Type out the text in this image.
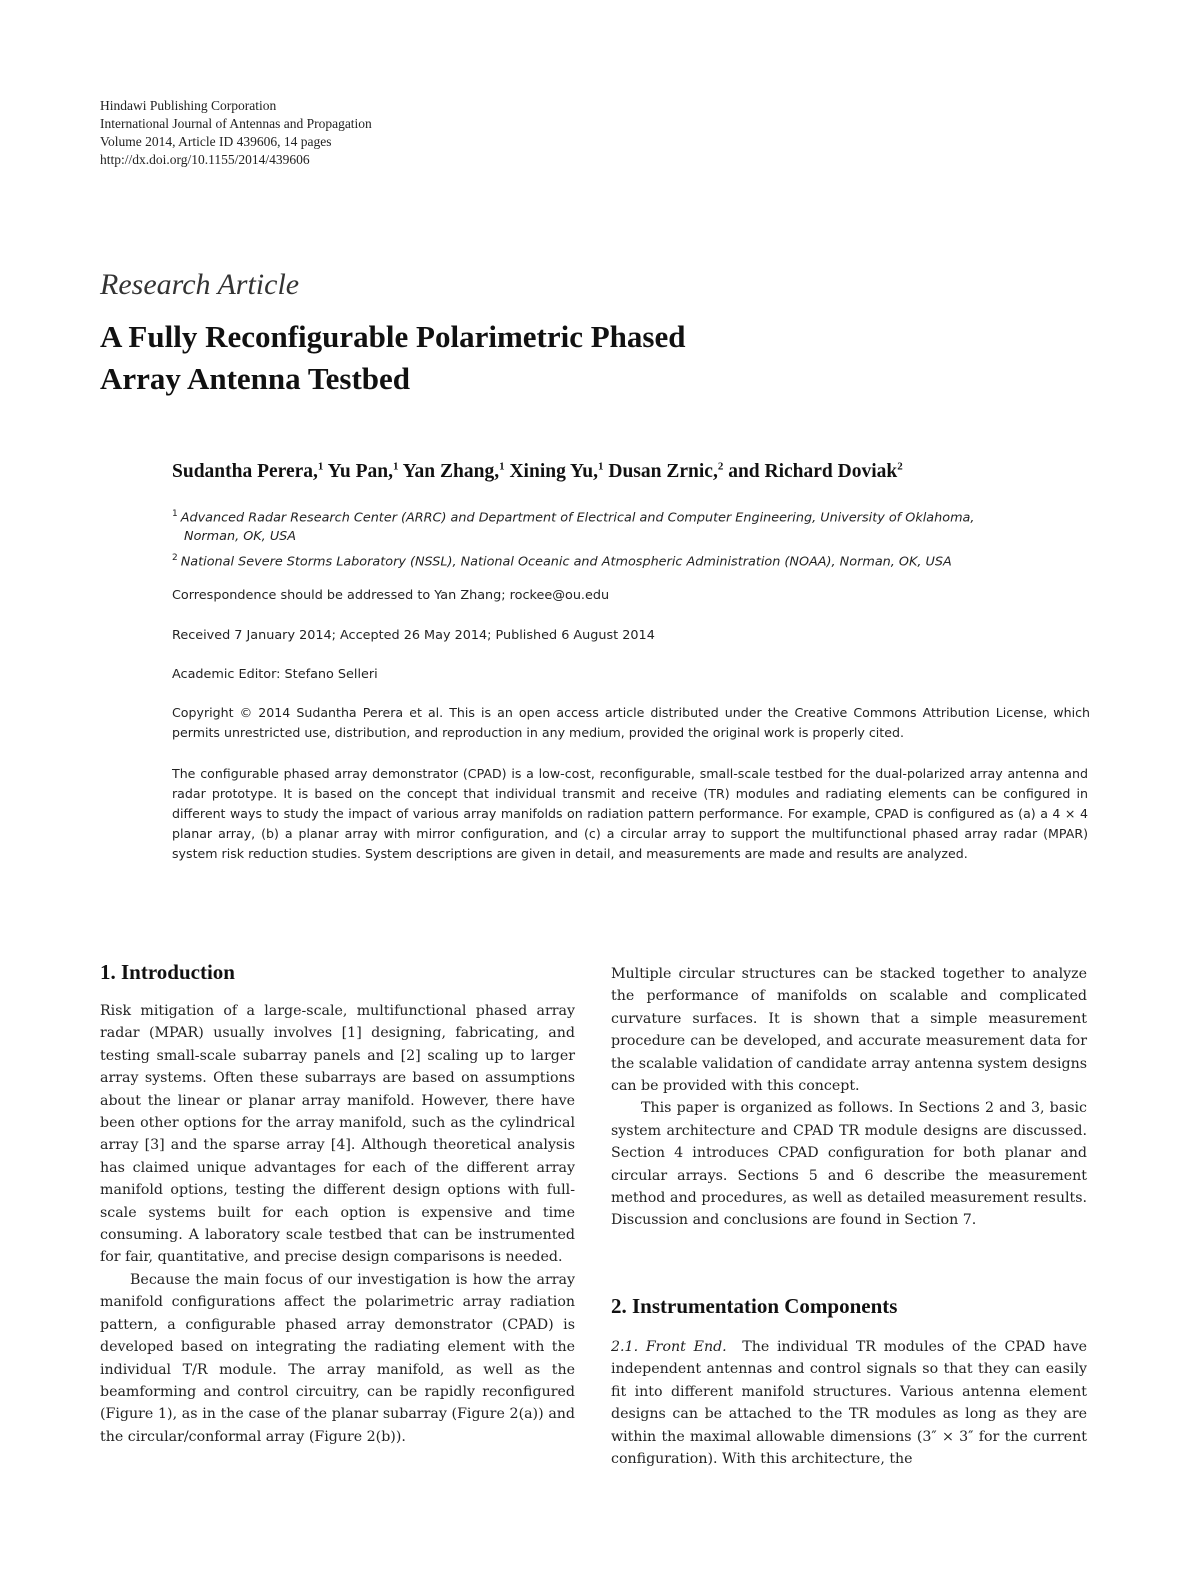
Hindawi Publishing Corporation
International Journal of Antennas and Propagation
Volume 2014, Article ID 439606, 14 pages
http://dx.doi.org/10.1155/2014/439606
Research Article
A Fully Reconfigurable Polarimetric Phased
Array Antenna Testbed
Sudantha Perera,$^1$ Yu Pan,$^1$ Yan Zhang,$^1$ Xining Yu,$^1$ Dusan Zrnic,$^2$ and Richard Doviak$^2$
$^1$ Advanced Radar Research Center (ARRC) and Department of Electrical and Computer Engineering, University of Oklahoma,
Norman, OK, USA
$^2$ National Severe Storms Laboratory (NSSL), National Oceanic and Atmospheric Administration (NOAA), Norman, OK, USA
Correspondence should be addressed to Yan Zhang; rockee@ou.edu
Received 7 January 2014; Accepted 26 May 2014; Published 6 August 2014
Academic Editor: Stefano Selleri
Copyright © 2014 Sudantha Perera et al. This is an open access article distributed under the Creative Commons Attribution License, which permits unrestricted use, distribution, and reproduction in any medium, provided the original work is properly cited.
The configurable phased array demonstrator (CPAD) is a low-cost, reconfigurable, small-scale testbed for the dual-polarized array antenna and radar prototype. It is based on the concept that individual transmit and receive (TR) modules and radiating elements can be configured in different ways to study the impact of various array manifolds on radiation pattern performance. For example, CPAD is configured as (a) a 4 × 4 planar array, (b) a planar array with mirror configuration, and (c) a circular array to support the multifunctional phased array radar (MPAR) system risk reduction studies. System descriptions are given in detail, and measurements are made and results are analyzed.
1. Introduction

Risk mitigation of a large-scale, multifunctional phased array radar (MPAR) usually involves [1] designing, fabricating, and testing small-scale subarray panels and [2] scaling up to larger array systems. Often these subarrays are based on assumptions about the linear or planar array manifold. However, there have been other options for the array manifold, such as the cylindrical array [3] and the sparse array [4]. Although theoretical analysis has claimed unique advantages for each of the different array manifold options, testing the different design options with full-scale systems built for each option is expensive and time consuming. A laboratory scale testbed that can be instrumented for fair, quantitative, and precise design comparisons is needed.

Because the main focus of our investigation is how the array manifold configurations affect the polarimetric array radiation pattern, a configurable phased array demonstrator (CPAD) is developed based on integrating the radiating element with the individual T/R module. The array manifold, as well as the beamforming and control circuitry, can be rapidly reconfigured (Figure 1), as in the case of the planar subarray (Figure 2(a)) and the circular/conformal array (Figure 2(b)).

Multiple circular structures can be stacked together to analyze the performance of manifolds on scalable and complicated curvature surfaces. It is shown that a simple measurement procedure can be developed, and accurate measurement data for the scalable validation of candidate array antenna system designs can be provided with this concept.

This paper is organized as follows. In Sections 2 and 3, basic system architecture and CPAD TR module designs are discussed. Section 4 introduces CPAD configuration for both planar and circular arrays. Sections 5 and 6 describe the measurement method and procedures, as well as detailed measurement results. Discussion and conclusions are found in Section 7.

2. Instrumentation Components

2.1. Front End. The individual TR modules of the CPAD have independent antennas and control signals so that they can easily fit into different manifold structures. Various antenna element designs can be attached to the TR modules as long as they are within the maximal allowable dimensions (3″ × 3″ for the current configuration). With this architecture, the
